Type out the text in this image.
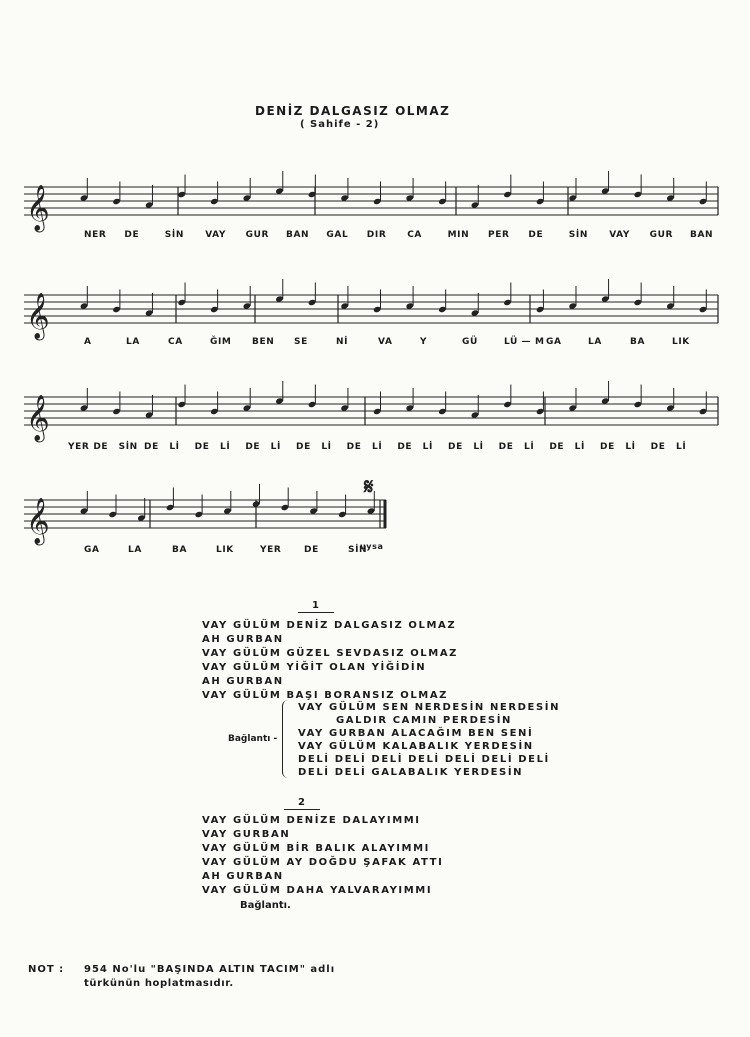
DENİZ DALGASIZ OLMAZ
( Sahife - 2)
𝄞
𝄞
𝄞
𝄋
𝄞
NER DE	SİN VAY GUR BAN GAL DIR CA	MIN PER DE	SİN VAY GUR BAN
A	LA	CA	ĞIM BEN SE	Nİ	VA	Y	GÜ	LÜ — M GA	LA	BA	LIK
YER DE SİN DE Lİ DE Lİ DE Lİ DE Lİ DE Lİ DE Lİ DE Lİ DE Lİ DE Lİ DE Lİ DE Lİ
GA	LA	BA	LIK	YER	DE	SİN
uysa
1
VAY GÜLÜM DENİZ DALGASIZ OLMAZ
AH GURBAN
VAY GÜLÜM GÜZEL SEVDASIZ OLMAZ
VAY GÜLÜM YİĞİT OLAN YİĞİDİN
AH GURBAN
VAY GÜLÜM BAŞI BORANSIZ OLMAZ
Bağlantı -
VAY GÜLÜM SEN NERDESİN NERDESİN
GALDIR CAMIN PERDESİN
VAY GURBAN ALACAĞIM BEN SENİ
VAY GÜLÜM KALABALIK YERDESİN
DELİ DELİ DELİ DELİ DELİ DELİ DELİ
DELİ DELİ GALABALIK YERDESİN
2
VAY GÜLÜM DENİZE DALAYIMMI
VAY GURBAN
VAY GÜLÜM BİR BALIK ALAYIMMI
VAY GÜLÜM AY DOĞDU ŞAFAK ATTI
AH GURBAN
VAY GÜLÜM DAHA YALVARAYIMMI
Bağlantı.
NOT : 954 No'lu "BAŞINDA ALTIN TACIM" adlı
türkünün hoplatmasıdır.
